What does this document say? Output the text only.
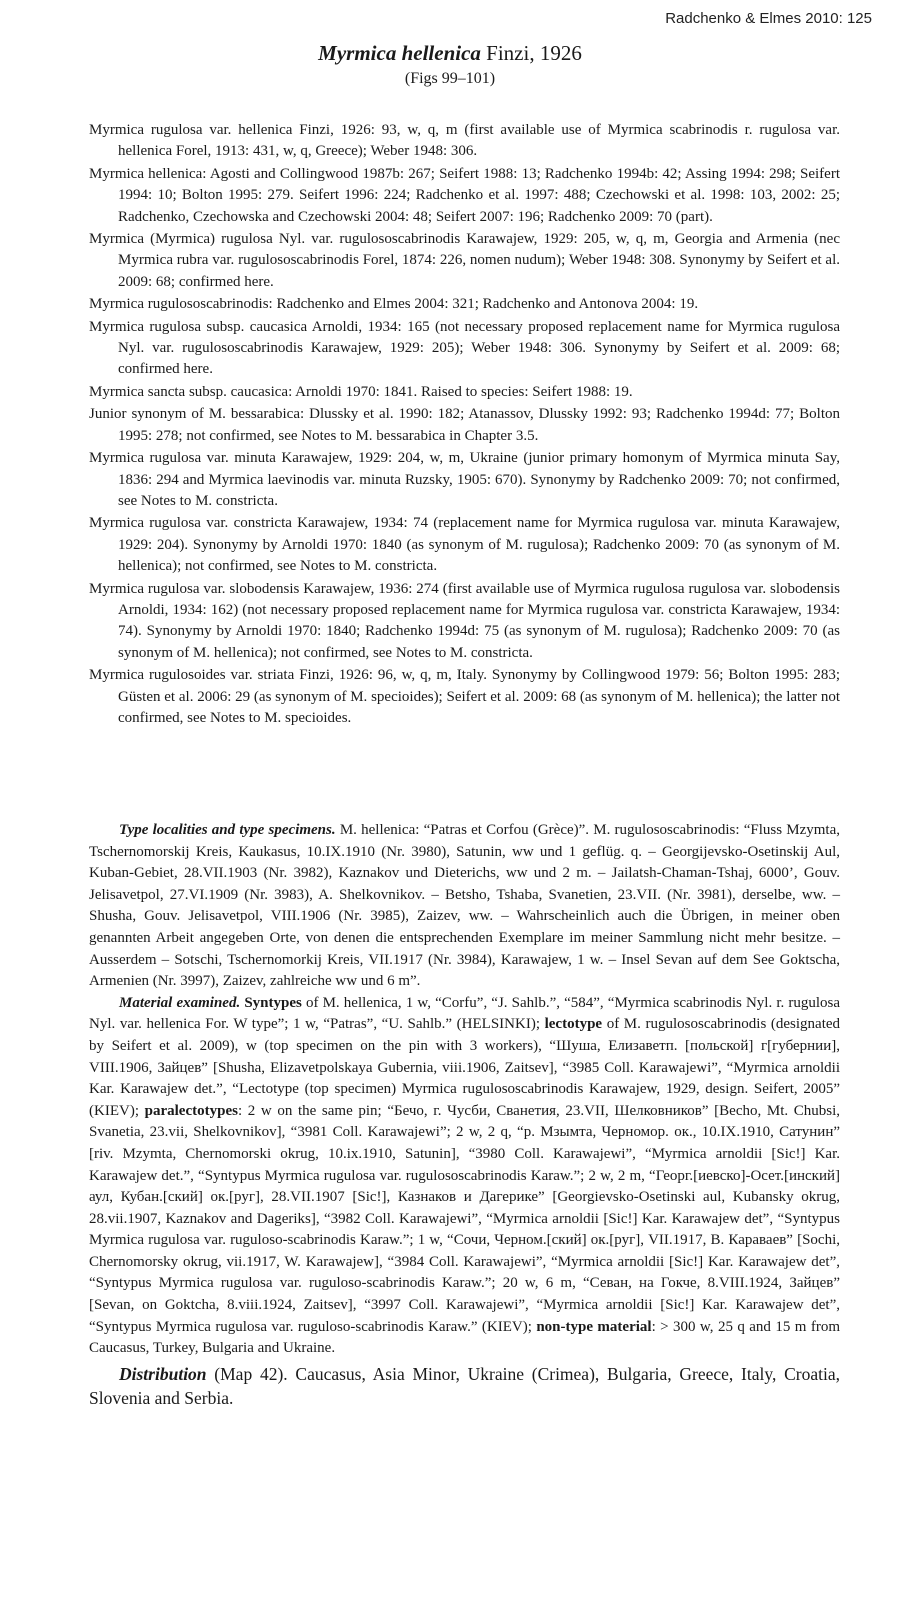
Radchenko & Elmes 2010: 125
Myrmica hellenica Finzi, 1926
(Figs 99–101)

Myrmica rugulosa var. hellenica Finzi, 1926: 93, w, q, m (first available use of Myrmica scabrinodis r. rugulosa var. hellenica Forel, 1913: 431, w, q, Greece); Weber 1948: 306.

Myrmica hellenica: Agosti and Collingwood 1987b: 267; Seifert 1988: 13; Radchenko 1994b: 42; Assing 1994: 298; Seifert 1994: 10; Bolton 1995: 279. Seifert 1996: 224; Radchenko et al. 1997: 488; Czechowski et al. 1998: 103, 2002: 25; Radchenko, Czechowska and Czechowski 2004: 48; Seifert 2007: 196; Radchenko 2009: 70 (part).

Myrmica (Myrmica) rugulosa Nyl. var. rugulososcabrinodis Karawajew, 1929: 205, w, q, m, Georgia and Armenia (nec Myrmica rubra var. rugulososcabrinodis Forel, 1874: 226, nomen nudum); Weber 1948: 308. Synonymy by Seifert et al. 2009: 68; confirmed here.

Myrmica rugulososcabrinodis: Radchenko and Elmes 2004: 321; Radchenko and Antonova 2004: 19.

Myrmica rugulosa subsp. caucasica Arnoldi, 1934: 165 (not necessary proposed replacement name for Myrmica rugulosa Nyl. var. rugulososcabrinodis Karawajew, 1929: 205); Weber 1948: 306. Synonymy by Seifert et al. 2009: 68; confirmed here.

Myrmica sancta subsp. caucasica: Arnoldi 1970: 1841. Raised to species: Seifert 1988: 19.

Junior synonym of M. bessarabica: Dlussky et al. 1990: 182; Atanassov, Dlussky 1992: 93; Radchenko 1994d: 77; Bolton 1995: 278; not confirmed, see Notes to M. bessarabica in Chapter 3.5.

Myrmica rugulosa var. minuta Karawajew, 1929: 204, w, m, Ukraine (junior primary homonym of Myrmica minuta Say, 1836: 294 and Myrmica laevinodis var. minuta Ruzsky, 1905: 670). Synonymy by Radchenko 2009: 70; not confirmed, see Notes to M. constricta.

Myrmica rugulosa var. constricta Karawajew, 1934: 74 (replacement name for Myrmica rugulosa var. minuta Karawajew, 1929: 204). Synonymy by Arnoldi 1970: 1840 (as synonym of M. rugulosa); Radchenko 2009: 70 (as synonym of M. hellenica); not confirmed, see Notes to M. constricta.

Myrmica rugulosa var. slobodensis Karawajew, 1936: 274 (first available use of Myrmica rugulosa rugulosa var. slobodensis Arnoldi, 1934: 162) (not necessary proposed replacement name for Myrmica rugulosa var. constricta Karawajew, 1934: 74). Synonymy by Arnoldi 1970: 1840; Radchenko 1994d: 75 (as synonym of M. rugulosa); Radchenko 2009: 70 (as synonym of M. hellenica); not confirmed, see Notes to M. constricta.

Myrmica rugulosoides var. striata Finzi, 1926: 96, w, q, m, Italy. Synonymy by Collingwood 1979: 56; Bolton 1995: 283; Güsten et al. 2006: 29 (as synonym of M. specioides); Seifert et al. 2009: 68 (as synonym of M. hellenica); the latter not confirmed, see Notes to M. specioides.

Type localities and type specimens. M. hellenica: “Patras et Corfou (Grèce)”. M. rugulososcabrinodis: “Fluss Mzymta, Tschernomorskij Kreis, Kaukasus, 10.IX.1910 (Nr. 3980), Satunin, ww und 1 geflüg. q. – Georgijevsko-Osetinskij Aul, Kuban-Gebiet, 28.VII.1903 (Nr. 3982), Kaznakov und Dieterichs, ww und 2 m. – Jailatsh-Chaman-Tshaj, 6000’, Gouv. Jelisavetpol, 27.VI.1909 (Nr. 3983), A. Shelkovnikov. – Betsho, Tshaba, Svanetien, 23.VII. (Nr. 3981), derselbe, ww. – Shusha, Gouv. Jelisavetpol, VIII.1906 (Nr. 3985), Zaizev, ww. – Wahrscheinlich auch die Übrigen, in meiner oben genannten Arbeit angegeben Orte, von denen die entsprechenden Exemplare im meiner Sammlung nicht mehr besitze. – Ausserdem – Sotschi, Tschernomorkij Kreis, VII.1917 (Nr. 3984), Karawajew, 1 w. – Insel Sevan auf dem See Goktscha, Armenien (Nr. 3997), Zaizev, zahlreiche ww und 6 m”.

Material examined. Syntypes of M. hellenica, 1 w, “Corfu”, “J. Sahlb.”, “584”, “Myrmica scabrinodis Nyl. r. rugulosa Nyl. var. hellenica For. W type”; 1 w, “Patras”, “U. Sahlb.” (HELSINKI); lectotype of M. rugulososcabrinodis (designated by Seifert et al. 2009), w (top specimen on the pin with 3 workers), “Шуша, Елизаветп. [польской] г[губернии], VIII.1906, Зайцев” [Shusha, Elizavetpolskaya Gubernia, viii.1906, Zaitsev], “3985 Coll. Karawajewi”, “Myrmica arnoldii Kar. Karawajew det.”, “Lectotype (top specimen) Myrmica rugulososcabrinodis Karawajew, 1929, design. Seifert, 2005” (KIEV); paralectotypes: 2 w on the same pin; “Бечо, г. Чусби, Сванетия, 23.VII, Шелковников” [Becho, Mt. Chubsi, Svanetia, 23.vii, Shelkovnikov], “3981 Coll. Karawajewi”; 2 w, 2 q, “р. Мзымта, Черномор. ок., 10.IX.1910, Сатунин” [riv. Mzymta, Chernomorski okrug, 10.ix.1910, Satunin], “3980 Coll. Karawajewi”, “Myrmica arnoldii [Sic!] Kar. Karawajew det.”, “Syntypus Myrmica rugulosa var. rugulososcabrinodis Karaw.”; 2 w, 2 m, “Георг.[иевско]-Осет.[инский] аул, Кубан.[ский] ок.[руг], 28.VII.1907 [Sic!], Казнаков и Дагерике” [Georgievsko-Osetinski aul, Kubansky okrug, 28.vii.1907, Kaznakov and Dageriks], “3982 Coll. Karawajewi”, “Myrmica arnoldii [Sic!] Kar. Karawajew det”, “Syntypus Myrmica rugulosa var. ruguloso-scabrinodis Karaw.”; 1 w, “Сочи, Черном.[ский] ок.[руг], VII.1917, В. Караваев” [Sochi, Chernomorsky okrug, vii.1917, W. Karawajew], “3984 Coll. Karawajewi”, “Myrmica arnoldii [Sic!] Kar. Karawajew det”, “Syntypus Myrmica rugulosa var. ruguloso-scabrinodis Karaw.”; 20 w, 6 m, “Севан, на Гокче, 8.VIII.1924, Зайцев” [Sevan, on Goktcha, 8.viii.1924, Zaitsev], “3997 Coll. Karawajewi”, “Myrmica arnoldii [Sic!] Kar. Karawajew det”, “Syntypus Myrmica rugulosa var. ruguloso-scabrinodis Karaw.” (KIEV); non-type material: > 300 w, 25 q and 15 m from Caucasus, Turkey, Bulgaria and Ukraine.

Distribution (Map 42). Caucasus, Asia Minor, Ukraine (Crimea), Bulgaria, Greece, Italy, Croatia, Slovenia and Serbia.
